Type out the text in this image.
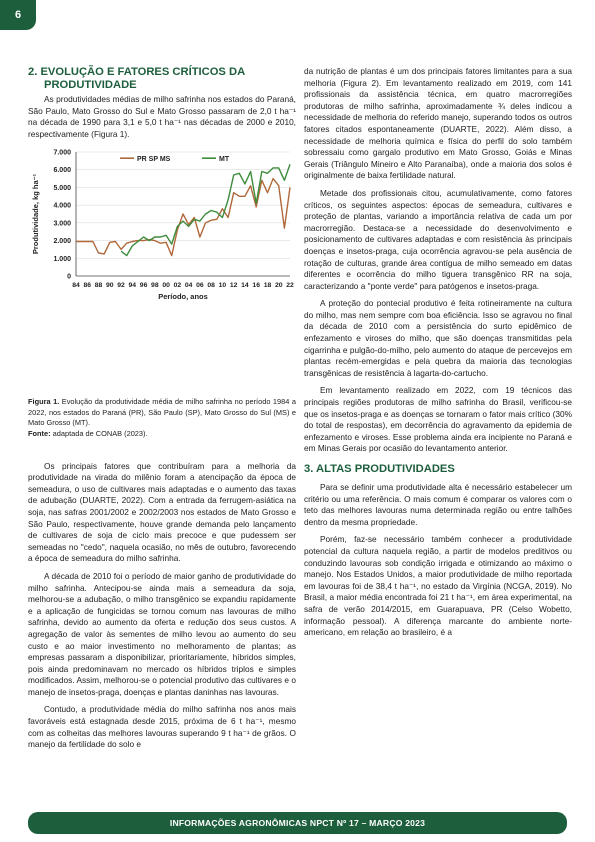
6
2. EVOLUÇÃO E FATORES CRÍTICOS DA
PRODUTIVIDADE

As produtividades médias de milho safrinha nos estados do Paraná, São Paulo, Mato Grosso do Sul e Mato Grosso passaram de 2,0 t ha⁻¹ na década de 1990 para 3,1 e 5,0 t ha⁻¹ nas décadas de 2000 e 2010, respectivamente (Figura 1).

0
1.000
2.000
3.000
4.000
5.000
6.000
7.000
84 86 88 90 92 94 96 98 00 02 04 06 08 10 12 14 16 18 20 22
PR SP MS	MT
Produtividade, kg ha⁻¹
Período, anos

Figura 1. Evolução da produtividade média de milho safrinha no período 1984 a 2022, nos estados do Paraná (PR), São Paulo (SP), Mato Grosso do Sul (MS) e Mato Grosso (MT).

Fonte: adaptada de CONAB (2023).

Os principais fatores que contribuíram para a melhoria da produtividade na virada do milênio foram a atencipação da época de semeadura, o uso de cultivares mais adaptadas e o aumento das taxas de adubação (DUARTE, 2022). Com a entrada da ferrugem-asiática na soja, nas safras 2001/2002 e 2002/2003 nos estados de Mato Grosso e São Paulo, respectivamente, houve grande demanda pelo lançamento de cultivares de soja de ciclo mais precoce e que pudessem ser semeadas no "cedo", naquela ocasião, no mês de outubro, favorecendo a época de semeadura do milho safrinha.

A década de 2010 foi o período de maior ganho de produtividade do milho safrinha. Antecipou-se ainda mais a semeadura da soja, melhorou-se a adubação, o milho transgênico se expandiu rapidamente e a aplicação de fungicidas se tornou comum nas lavouras de milho safrinha, devido ao aumento da oferta e redução dos seus custos. A agregação de valor às sementes de milho levou ao aumento do seu custo e ao maior investimento no melhoramento de plantas; as empresas passaram a disponibilizar, prioritariamente, híbridos simples, pois ainda predominavam no mercado os híbridos triplos e simples modificados. Assim, melhorou-se o potencial produtivo das cultivares e o manejo de insetos-praga, doenças e plantas daninhas nas lavouras.

Contudo, a produtividade média do milho safrinha nos anos mais favoráveis está estagnada desde 2015, próxima de 6 t ha⁻¹, mesmo com as colheitas das melhores lavouras superando 9 t ha⁻¹ de grãos. O manejo da fertilidade do solo e

da nutrição de plantas é um dos principais fatores limitantes para a sua melhoria (Figura 2). Em levantamento realizado em 2019, com 141 profissionais da assistência técnica, em quatro macrorregiões produtoras de milho safrinha, aproximadamente ¾ deles indicou a necessidade de melhoria do referido manejo, superando todos os outros fatores citados espontaneamente (DUARTE, 2022). Além disso, a necessidade de melhoria química e física do perfil do solo também sobressaiu como gargalo produtivo em Mato Grosso, Goiás e Minas Gerais (Triângulo Mineiro e Alto Paranaíba), onde a maioria dos solos é originalmente de baixa fertilidade natural.

Metade dos profissionais citou, acumulativamente, como fatores críticos, os seguintes aspectos: épocas de semeadura, cultivares e proteção de plantas, variando a importância relativa de cada um por macrorregião. Destaca-se a necessidade do desenvolvimento e posicionamento de cultivares adaptadas e com resistência às principais doenças e insetos-praga, cuja ocorrência agravou-se pela ausência de rotação de culturas, grande área contígua de milho semeado em datas diferentes e ocorrência do milho tiguera transgênico RR na soja, caracterizando a "ponte verde" para patógenos e insetos-praga.

A proteção do pontecial produtivo é feita rotineiramente na cultura do milho, mas nem sempre com boa eficiência. Isso se agravou no final da década de 2010 com a persistência do surto epidêmico de enfezamento e viroses do milho, que são doenças transmitidas pela cigarrinha e pulgão-do-milho, pelo aumento do ataque de percevejos em plantas recém-emergidas e pela quebra da maioria das tecnologias transgênicas de resistência à lagarta-do-cartucho.

Em levantamento realizado em 2022, com 19 técnicos das principais regiões produtoras de milho safrinha do Brasil, verificou-se que os insetos-praga e as doenças se tornaram o fator mais crítico (30% do total de respostas), em decorrência do agravamento da epidemia de enfezamento e viroses. Esse problema ainda era incipiente no Paraná e em Minas Gerais por ocasião do levantamento anterior.

3. ALTAS PRODUTIVIDADES

Para se definir uma produtividade alta é necessário estabelecer um critério ou uma referência. O mais comum é comparar os valores com o teto das melhores lavouras numa determinada região ou entre talhões dentro da mesma propriedade.

Porém, faz-se necessário também conhecer a produtividade potencial da cultura naquela região, a partir de modelos preditivos ou conduzindo lavouras sob condição irrigada e otimizando ao máximo o manejo. Nos Estados Unidos, a maior produtividade de milho reportada em lavouras foi de 38,4 t ha⁻¹, no estado da Virgínia (NCGA, 2019). No Brasil, a maior média encontrada foi 21 t ha⁻¹, em área experimental, na safra de verão 2014/2015, em Guarapuava, PR (Celso Wobetto, informação pessoal). A diferença marcante do ambiente norte-americano, em relação ao brasileiro, é a

INFORMAÇÕES AGRONÔMICAS NPCT Nº 17 – MARÇO 2023
